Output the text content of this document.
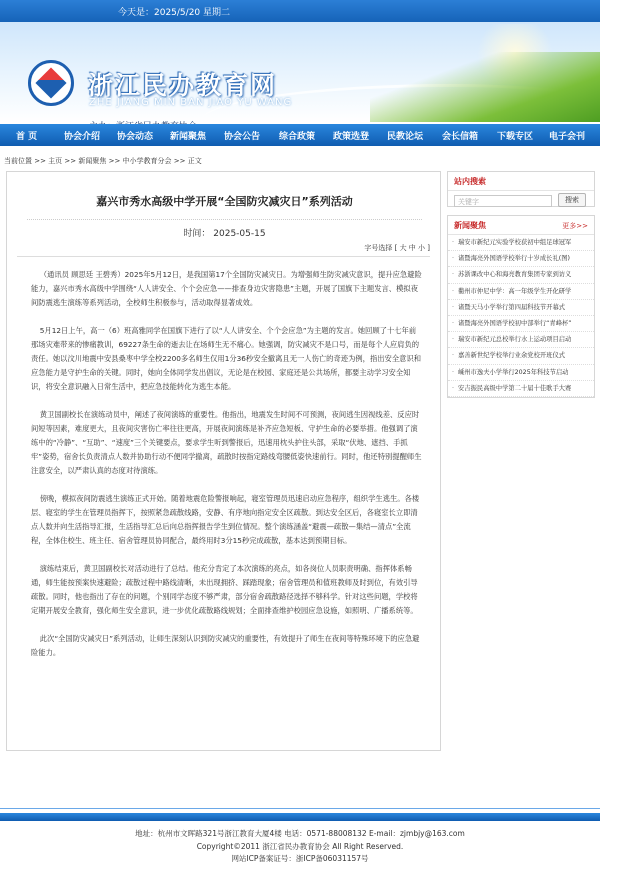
今天是：2025/5/20 星期二
浙江民办教育网
ZHE JIANG MIN BAN JIAO YU WANG
首 页	协会介绍 协会动态 新闻聚焦 协会公告 综合政策 政策选登 民教论坛 会长信箱 下载专区 电子会刊
当前位置 >> 主页 >> 新闻聚焦 >> 中小学教育分会 >> 正文
嘉兴市秀水高级中学开展“全国防灾减灾日”系列活动
时间： 2025-05-15
字号选择 [ 大 中 小 ]

（通讯员 顾思廷 王碧秀）2025年5月12日，是我国第17个全国防灾减灾日。为增强师生防灾减灾意识，提升应急避险能力，嘉兴市秀水高级中学围绕“人人讲安全、个个会应急——排查身边灾害隐患”主题，开展了国旗下主题发言、模拟夜间防震逃生演练等系列活动，全校师生积极参与，活动取得显著成效。

5月12日上午，高一（6）班高雅同学在国旗下进行了以“人人讲安全、个个会应急”为主题的发言。她回顾了十七年前那场灾难带来的惨痛教训，69227条生命的逝去让在场师生无不痛心。她强调，防灾减灾不是口号，而是每个人应肩负的责任。她以汶川地震中安县桑枣中学全校2200多名师生仅用1分36秒安全撤离且无一人伤亡的奇迹为例，指出安全意识和应急能力是守护生命的关键。同时，她向全体同学发出倡议，无论是在校园、家庭还是公共场所，都要主动学习安全知识，将安全意识融入日常生活中，把应急技能转化为逃生本能。

黄卫国副校长在演练动员中，阐述了夜间演练的重要性。他指出，地震发生时间不可预测，夜间逃生因视线差、反应时间短等因素，难度更大，且夜间灾害伤亡率往往更高，开展夜间演练是补齐应急短板、守护生命的必要举措。他强调了演练中的“冷静”、“互助”、“速度”三个关键要点，要求学生听到警报后，迅速用枕头护住头部，采取“伏地、遮挡、手抓牢”姿势，宿舍长负责清点人数并协助行动不便同学撤离，疏散时按指定路线弯腰低姿快速前行。同时，他还特别提醒师生注意安全，以严肃认真的态度对待演练。

傍晚，模拟夜间防震逃生演练正式开始。随着地震危险警报响起，寝室管理员迅速启动应急程序，组织学生逃生。各楼层、寝室的学生在管理员指挥下，按照紧急疏散线路，安静、有序地向指定安全区疏散。到达安全区后，各寝室长立即清点人数并向生活指导汇报，生活指导汇总后向总指挥报告学生到位情况。整个演练涵盖“避震—疏散—集结—清点”全流程，全体住校生、班主任、宿舍管理员协同配合，最终用时3分15秒完成疏散，基本达到预期目标。

演练结束后，黄卫国副校长对活动进行了总结。他充分肯定了本次演练的亮点，如各岗位人员职责明确、指挥体系畅通，师生能按预案快速避险；疏散过程中路线清晰，未出现拥挤、踩踏现象；宿舍管理员和值班教师及时到位，有效引导疏散。同时，他也指出了存在的问题，个别同学态度不够严肃，部分宿舍疏散路径选择不够科学。针对这些问题，学校将定期开展安全教育，强化师生安全意识，进一步优化疏散路线规划；全面排查维护校园应急设施，如照明、广播系统等。

此次“全国防灾减灾日”系列活动，让师生深刻认识到防灾减灾的重要性，有效提升了师生在夜间等特殊环境下的应急避险能力。

站内搜索
关键字	搜索
新闻聚焦	更多>>
· 瑞安市新纪元实验学校获初中组足球冠军
· 诸暨海亮外国语学校举行十岁成长礼(图)
· 苏浙课改中心和海亮教育集团专家到访义
· 衢州市仲尼中学：高一年级学生开化研学
· 诸暨天马小学举行第四届科技节开幕式
· 诸暨海亮外国语学校初中部举行“青峰杯”
· 瑞安市新纪元总校举行水上运动项目启动
· 嘉善新世纪学校举行业余党校开班仪式
· 嵊州市逸夫小学举行2025年科技节启动
· 安吉振民高级中学第二十届十佳歌手大赛
地址：杭州市文晖路321号浙江教育大厦4楼 电话：0571-88008132 E-mail：zjmbjy@163.com
Copyright©2011 浙江省民办教育协会 All Right Reserved.
网站ICP备案证号：浙ICP备06031157号
